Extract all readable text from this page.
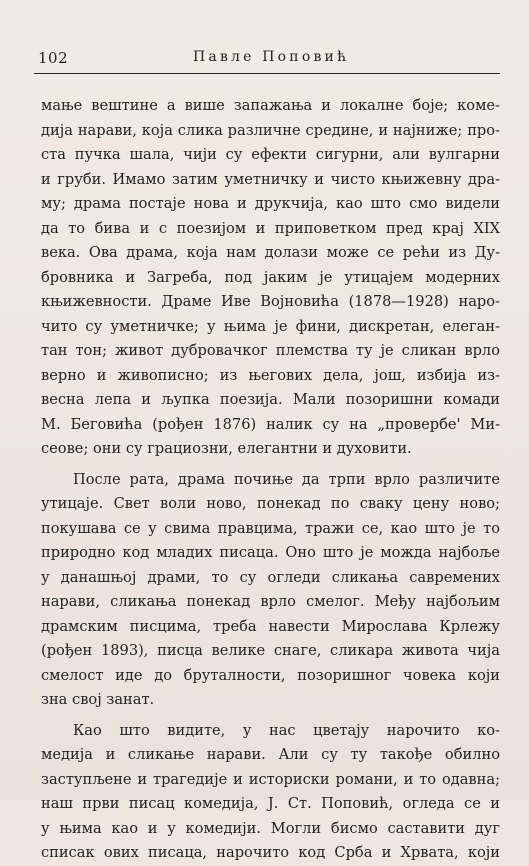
102	Павле Поповић
мање вештине а више запажања и локалне боје; коме-
дија нарави, која слика различне средине, и најниже; про-
ста пучка шала, чији су ефекти сигурни, али вулгарни
и груби. Имамо затим уметничку и чисто књижевну дра-
му; драма постаје нова и друкчија, као што смо видели
да то бива и с поезијом и приповетком пред крај XIX
века. Ова драма, која нам долази може се рећи из Ду-
бровника и Загреба, под јаким је утицајем модерних
књижевности. Драме Иве Војновића (1878—1928) наро-
чито су уметничке; у њима је фини, дискретан, елеган-
тан тон; живот дубровачког племства ту је сликан врло
верно и живописно; из његових дела, још, избија из-
весна лепа и љупка поезија. Мали позоришни комади
М. Беговића (рођен 1876) налик су на „провербе' Ми-
сеове; они су грациозни, елегантни и духовити.
После рата, драма почиње да трпи врло различите
утицаје. Свет воли ново, понекад по сваку цену ново;
покушава се у свима правцима, тражи се, као што је то
природно код младих писаца. Оно што је можда најбоље
у данашњој драми, то су огледи сликања савремених
нарави, сликања понекад врло смелог. Међу најбољим
драмским писцима, треба навести Мирослава Крлежу
(рођен 1893), писца велике снаге, сликара живота чија
смелост иде до бруталности, позоришног човека који
зна свој занат.
Као што видите, у нас цветају нарочито ко-
медија и сликање нарави. Али су ту такође обилно
заступљене и трагедије и историски романи, и то одавна;
наш први писац комедија, Ј. Ст. Поповић, огледа се и
у њима као и у комедији. Могли бисмо саставити дуг
списак ових писаца, нарочито код Срба и Хрвата, који
